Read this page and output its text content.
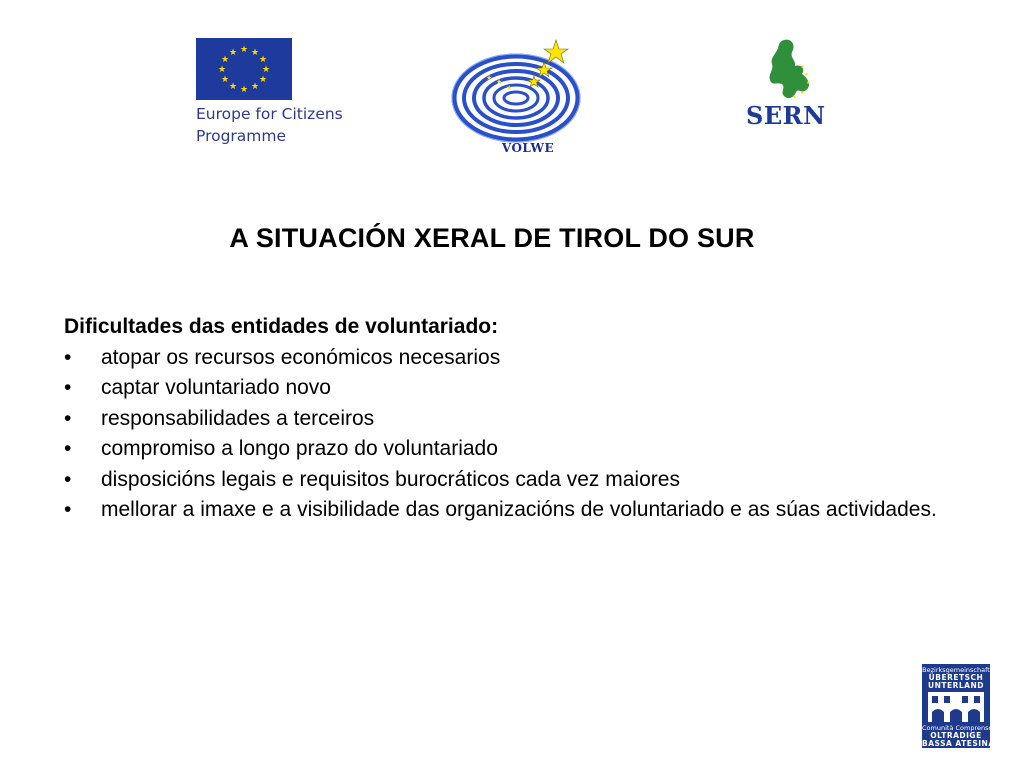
★ ★
★
★
★
★
★
★
★
★
★
★
Europe for Citizens
Programme
★ ★
★
VOLWE
★
★
★
★
★
SERN
A SITUACIÓN XERAL DE TIROL DO SUR
Dificultades das entidades de voluntariado:
• atopar os recursos económicos necesarios
• captar voluntariado novo
• responsabilidades a terceiros
• compromiso a longo prazo do voluntariado
• disposicións legais e requisitos burocráticos cada vez maiores
• mellorar a imaxe e a visibilidade das organizacións de voluntariado e as súas actividades.
Bezirksgemeinschaft
ÜBERETSCH
UNTERLAND
Comunità Comprensoriale
OLTRADIGE
BASSA ATESINA
